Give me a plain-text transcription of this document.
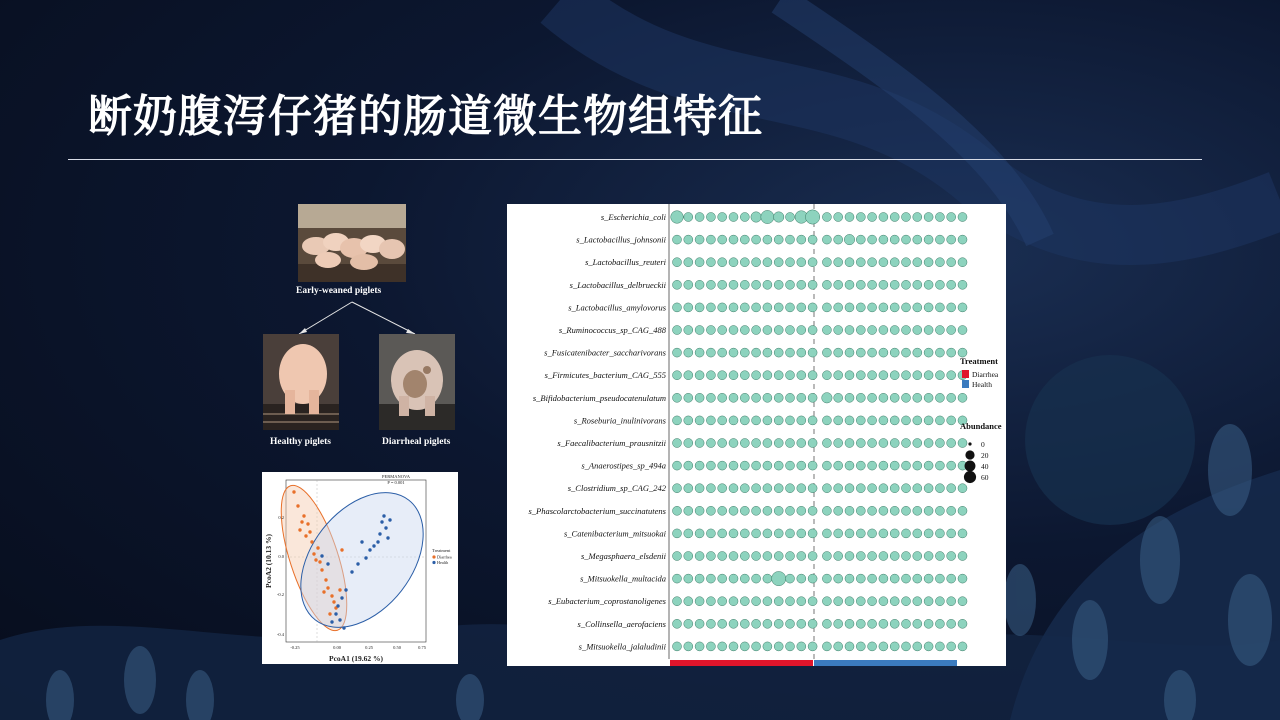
断奶腹泻仔猪的肠道微生物组特征
Early-weaned piglets
Healthy piglets	Diarrheal piglets
PERMANOVA
P = 0.001
Treatment
Diarrhea
Health
0.2
0.0
-0.2
-0.4
-0.25	0.00	0.25	0.50	0.75
PcoA1 (19.62 %)
PcoA2 (10.13 %)
s_Escherichia_coli
s_Lactobacillus_johnsonii
s_Lactobacillus_reuteri
s_Lactobacillus_delbrueckii
s_Lactobacillus_amylovorus
s_Ruminococcus_sp_CAG_488
s_Fusicatenibacter_saccharivorans
s_Firmicutes_bacterium_CAG_555
s_Bifidobacterium_pseudocatenulatum
s_Roseburia_inulinivorans
s_Faecalibacterium_prausnitzii
s_Anaerostipes_sp_494a
s_Clostridium_sp_CAG_242
s_Phascolarctobacterium_succinatutens
s_Catenibacterium_mitsuokai
s_Megasphaera_elsdenii
s_Mitsuokella_multacida
s_Eubacterium_coprostanoligenes
s_Collinsella_aerofaciens
s_Mitsuokella_jalaludinii
Treatment
Diarrhea
Health
Abundance
0
20
40
60
